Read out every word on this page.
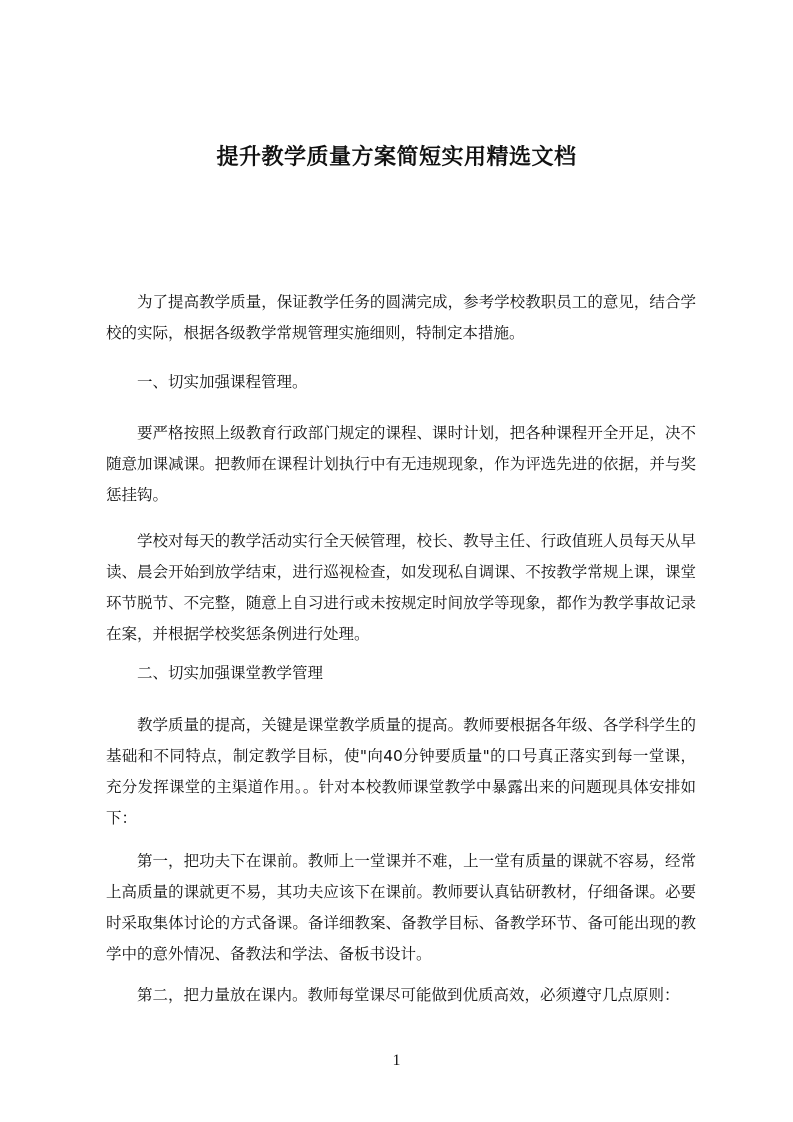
提升教学质量方案简短实用精选文档

为了提高教学质量，保证教学任务的圆满完成，参考学校教职员工的意见，结合学校的实际，根据各级教学常规管理实施细则，特制定本措施。

一、切实加强课程管理。

要严格按照上级教育行政部门规定的课程、课时计划，把各种课程开全开足，决不随意加课减课。把教师在课程计划执行中有无违规现象，作为评选先进的依据，并与奖惩挂钩。

学校对每天的教学活动实行全天候管理，校长、教导主任、行政值班人员每天从早读、晨会开始到放学结束，进行巡视检查，如发现私自调课、不按教学常规上课，课堂环节脱节、不完整，随意上自习进行或未按规定时间放学等现象，都作为教学事故记录在案，并根据学校奖惩条例进行处理。

二、切实加强课堂教学管理

教学质量的提高，关键是课堂教学质量的提高。教师要根据各年级、各学科学生的基础和不同特点，制定教学目标，使"向40分钟要质量"的口号真正落实到每一堂课，充分发挥课堂的主渠道作用。。针对本校教师课堂教学中暴露出来的问题现具体安排如下：

第一，把功夫下在课前。教师上一堂课并不难，上一堂有质量的课就不容易，经常上高质量的课就更不易，其功夫应该下在课前。教师要认真钻研教材，仔细备课。必要时采取集体讨论的方式备课。备详细教案、备教学目标、备教学环节、备可能出现的教学中的意外情况、备教法和学法、备板书设计。

第二，把力量放在课内。教师每堂课尽可能做到优质高效，必须遵守几点原则：

1
